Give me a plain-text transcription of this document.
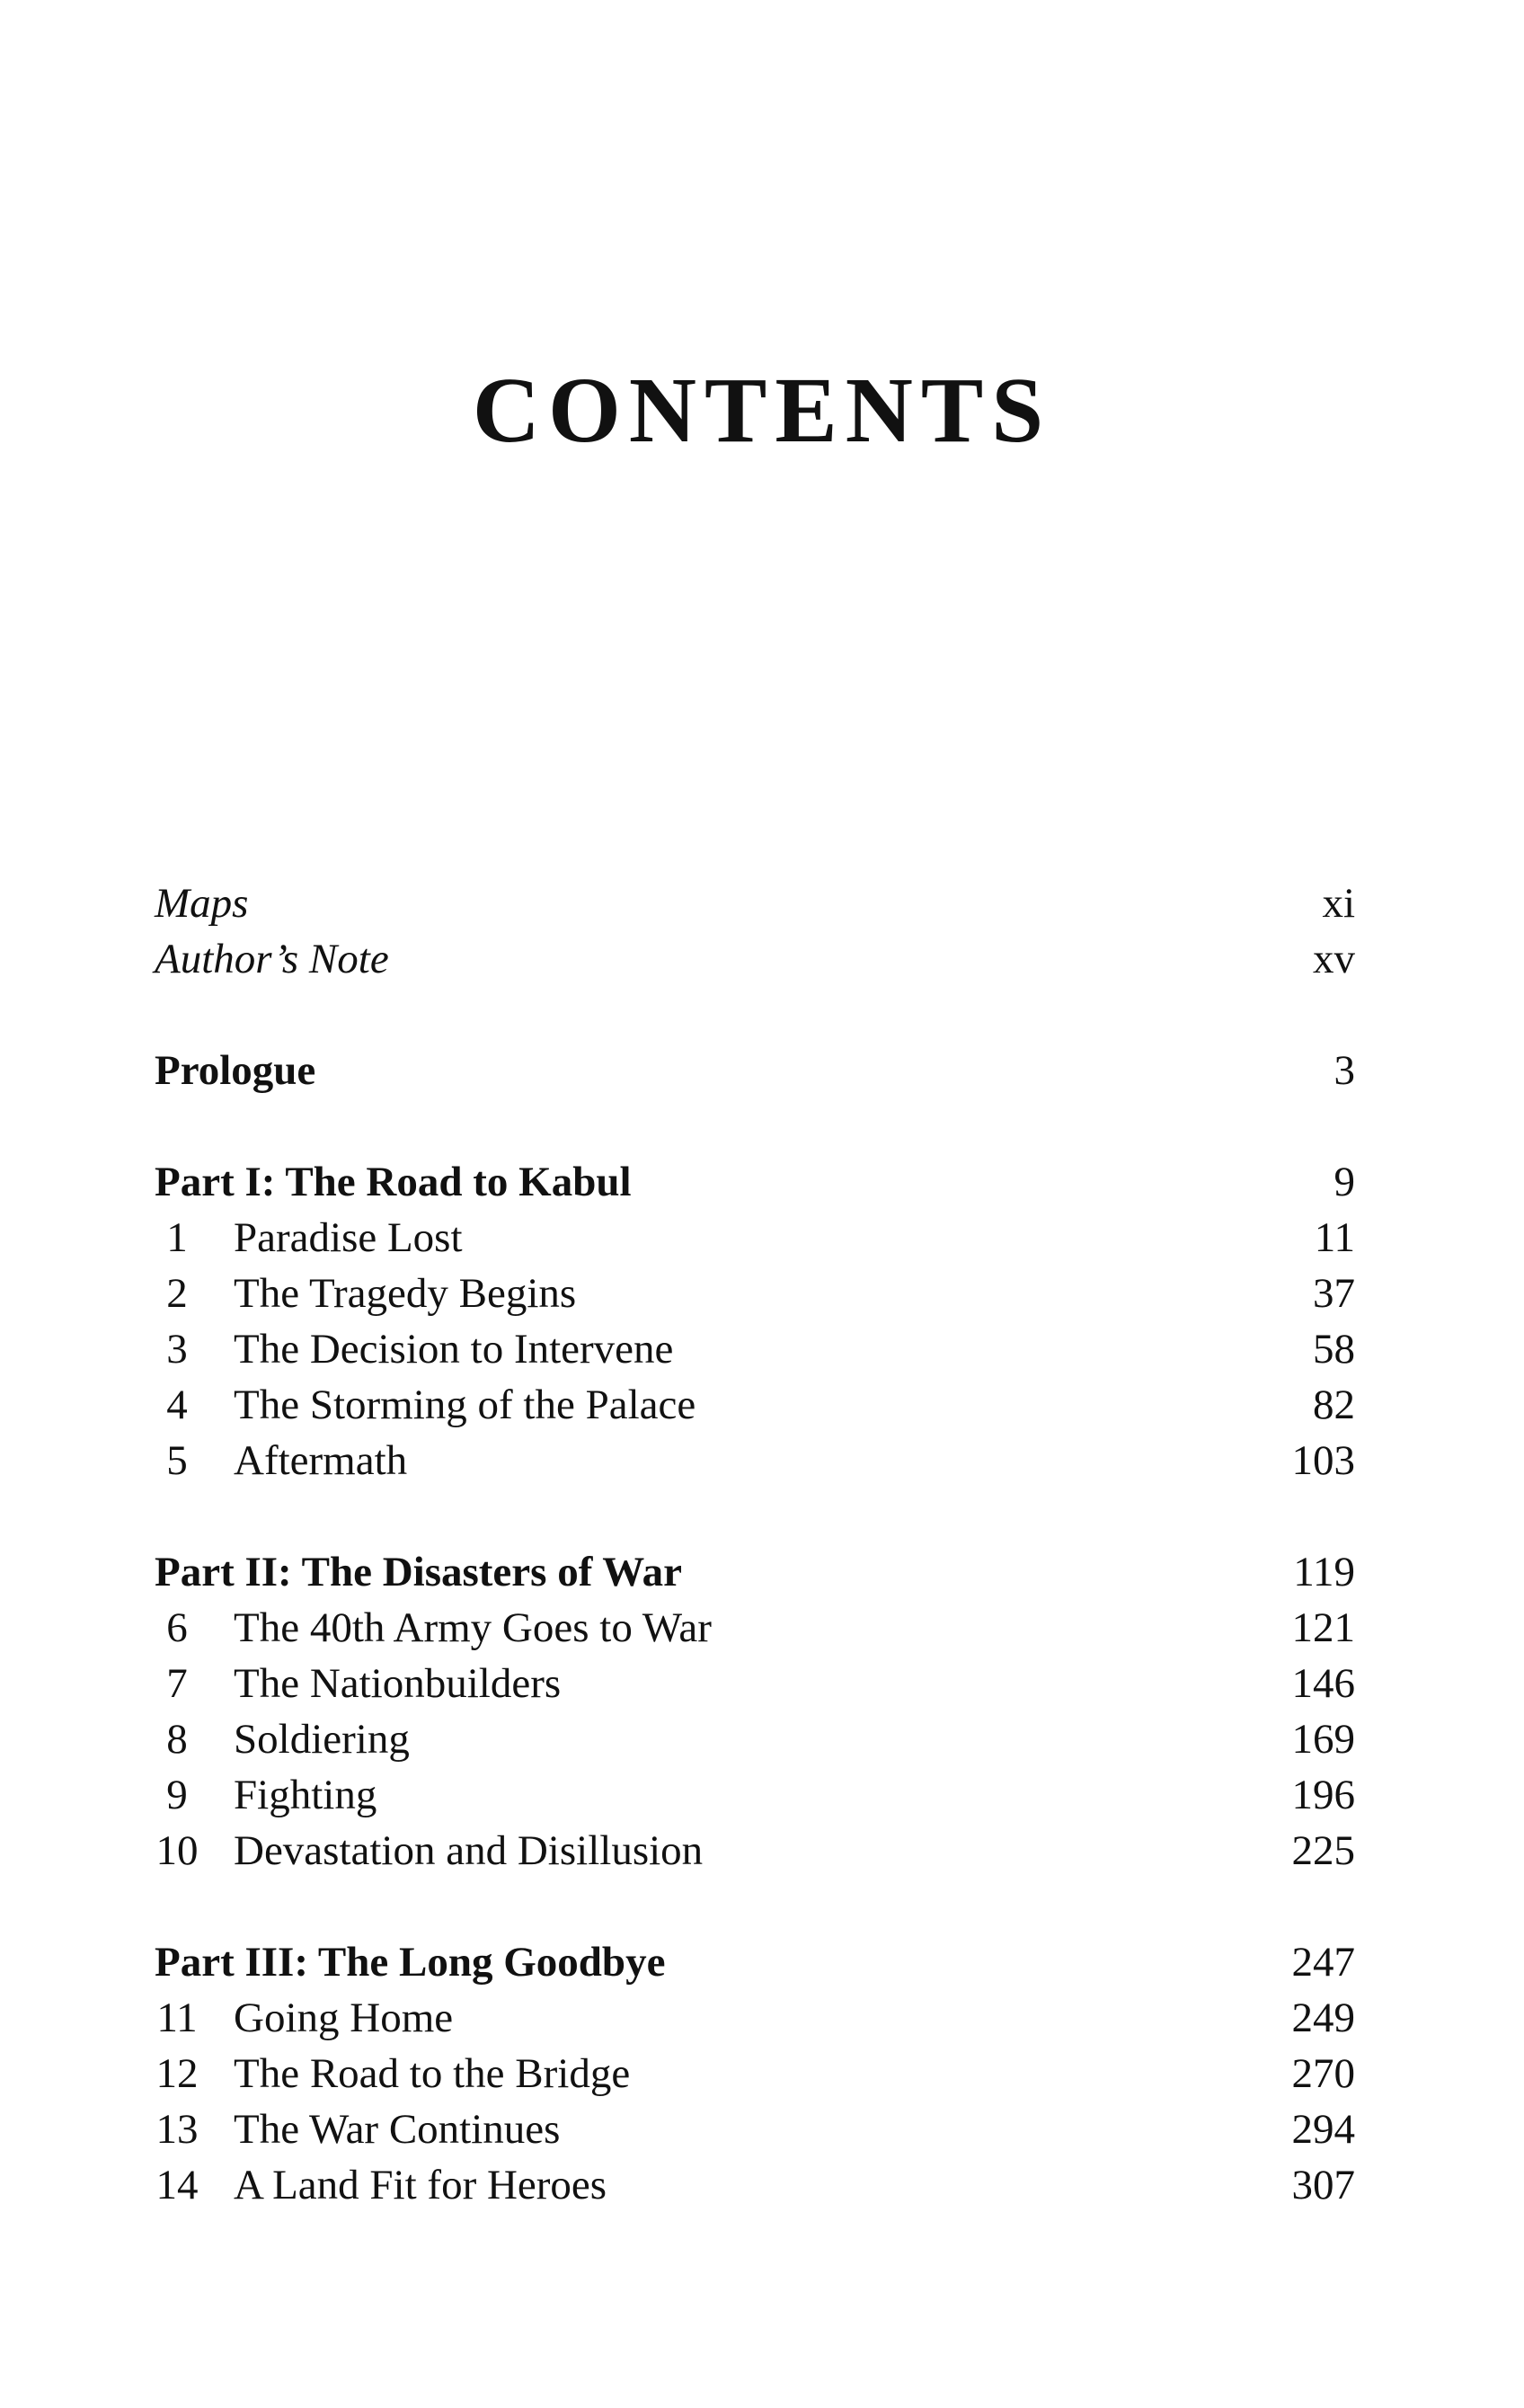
CONTENTS
Maps	xi
Author’s Note	xv
Prologue	3
Part I: The Road to Kabul	9
1 Paradise Lost	11
2 The Tragedy Begins	37
3 The Decision to Intervene	58
4 The Storming of the Palace	82
5 Aftermath	103
Part II: The Disasters of War	119
6 The 40th Army Goes to War	121
7 The Nationbuilders	146
8 Soldiering	169
9 Fighting	196
10 Devastation and Disillusion	225
Part III: The Long Goodbye	247
11 Going Home	249
12 The Road to the Bridge	270
13 The War Continues	294
14 A Land Fit for Heroes	307
